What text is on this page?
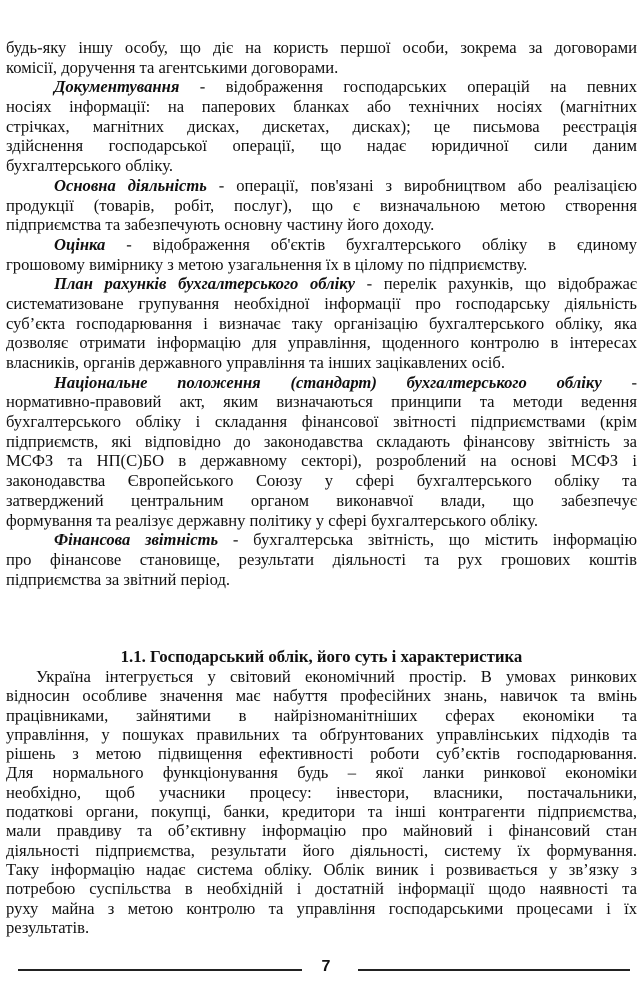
будь-яку іншу особу, що діє на користь першої особи, зокрема за договорами
комісії, доручення та агентськими договорами.
Документування - відображення господарських операцій на певних
носіях інформації: на паперових бланках або технічних носіях (магнітних
стрічках, магнітних дисках, дискетах, дисках); це письмова реєстрація
здійснення господарської операції, що надає юридичної сили даним
бухгалтерського обліку.
Основна діяльність - операції, пов'язані з виробництвом або реалізацією
продукції (товарів, робіт, послуг), що є визначальною метою створення
підприємства та забезпечують основну частину його доходу.
Оцінка - відображення об'єктів бухгалтерського обліку в єдиному
грошовому вимірнику з метою узагальнення їх в цілому по підприємству.
План рахунків бухгалтерського обліку - перелік рахунків, що відображає
систематизоване групування необхідної інформації про господарську діяльність
суб’єкта господарювання і визначає таку організацію бухгалтерського обліку, яка
дозволяє отримати інформацію для управління, щоденного контролю в інтересах
власників, органів державного управління та інших зацікавлених осіб.
Національне положення (стандарт) бухгалтерського обліку -
нормативно-правовий акт, яким визначаються принципи та методи ведення
бухгалтерського обліку і складання фінансової звітності підприємствами (крім
підприємств, які відповідно до законодавства складають фінансову звітність за
МСФЗ та НП(С)БО в державному секторі), розроблений на основі МСФЗ і
законодавства Європейського Союзу у сфері бухгалтерського обліку та
затверджений центральним органом виконавчої влади, що забезпечує
формування та реалізує державну політику у сфері бухгалтерського обліку.
Фінансова звітність - бухгалтерська звітність, що містить інформацію
про фінансове становище, результати діяльності та рух грошових коштів
підприємства за звітний період.
1.1. Господарський облік, його суть і характеристика
Україна інтегрується у світовий економічний простір. В умовах ринкових
відносин особливе значення має набуття професійних знань, навичок та вмінь
працівниками, зайнятими в найрізноманітніших сферах економіки та
управління, у пошуках правильних та обґрунтованих управлінських підходів та
рішень з метою підвищення ефективності роботи суб’єктів господарювання.
Для нормального функціонування будь – якої ланки ринкової економіки
необхідно, щоб учасники процесу: інвестори, власники, постачальники,
податкові органи, покупці, банки, кредитори та інші контрагенти підприємства,
мали правдиву та об’єктивну інформацію про майновий і фінансовий стан
діяльності підприємства, результати його діяльності, систему їх формування.
Таку інформацію надає система обліку. Облік виник і розвивається у зв’язку з
потребою суспільства в необхідній і достатній інформації щодо наявності та
руху майна з метою контролю та управління господарськими процесами і їх
результатів.
7
